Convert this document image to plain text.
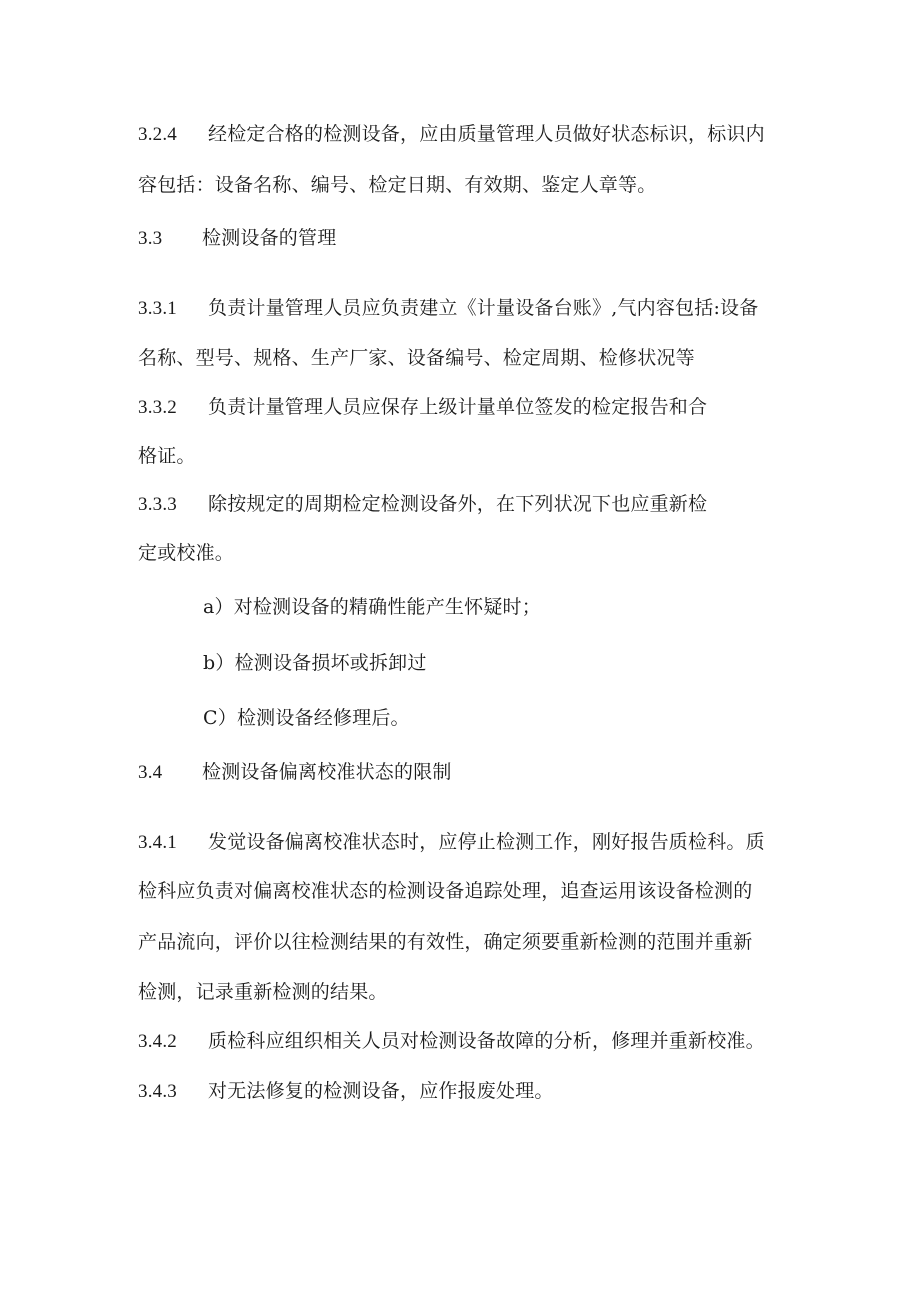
3.2.4 经检定合格的检测设备，应由质量管理人员做好状态标识，标识内
容包括：设备名称、编号、检定日期、有效期、鉴定人章等。
3.3 检测设备的管理
3.3.1 负责计量管理人员应负责建立《计量设备台账》,气内容包括:设备
名称、型号、规格、生产厂家、设备编号、检定周期、检修状况等
3.3.2 负责计量管理人员应保存上级计量单位签发的检定报告和合
格证。
3.3.3 除按规定的周期检定检测设备外，在下列状况下也应重新检
定或校准。
a）对检测设备的精确性能产生怀疑时；
b）检测设备损坏或拆卸过
C）检测设备经修理后。
3.4 检测设备偏离校准状态的限制
3.4.1 发觉设备偏离校准状态时，应停止检测工作，刚好报告质检科。质
检科应负责对偏离校准状态的检测设备追踪处理，追查运用该设备检测的
产品流向，评价以往检测结果的有效性，确定须要重新检测的范围并重新
检测，记录重新检测的结果。
3.4.2 质检科应组织相关人员对检测设备故障的分析，修理并重新校准。
3.4.3 对无法修复的检测设备，应作报废处理。
